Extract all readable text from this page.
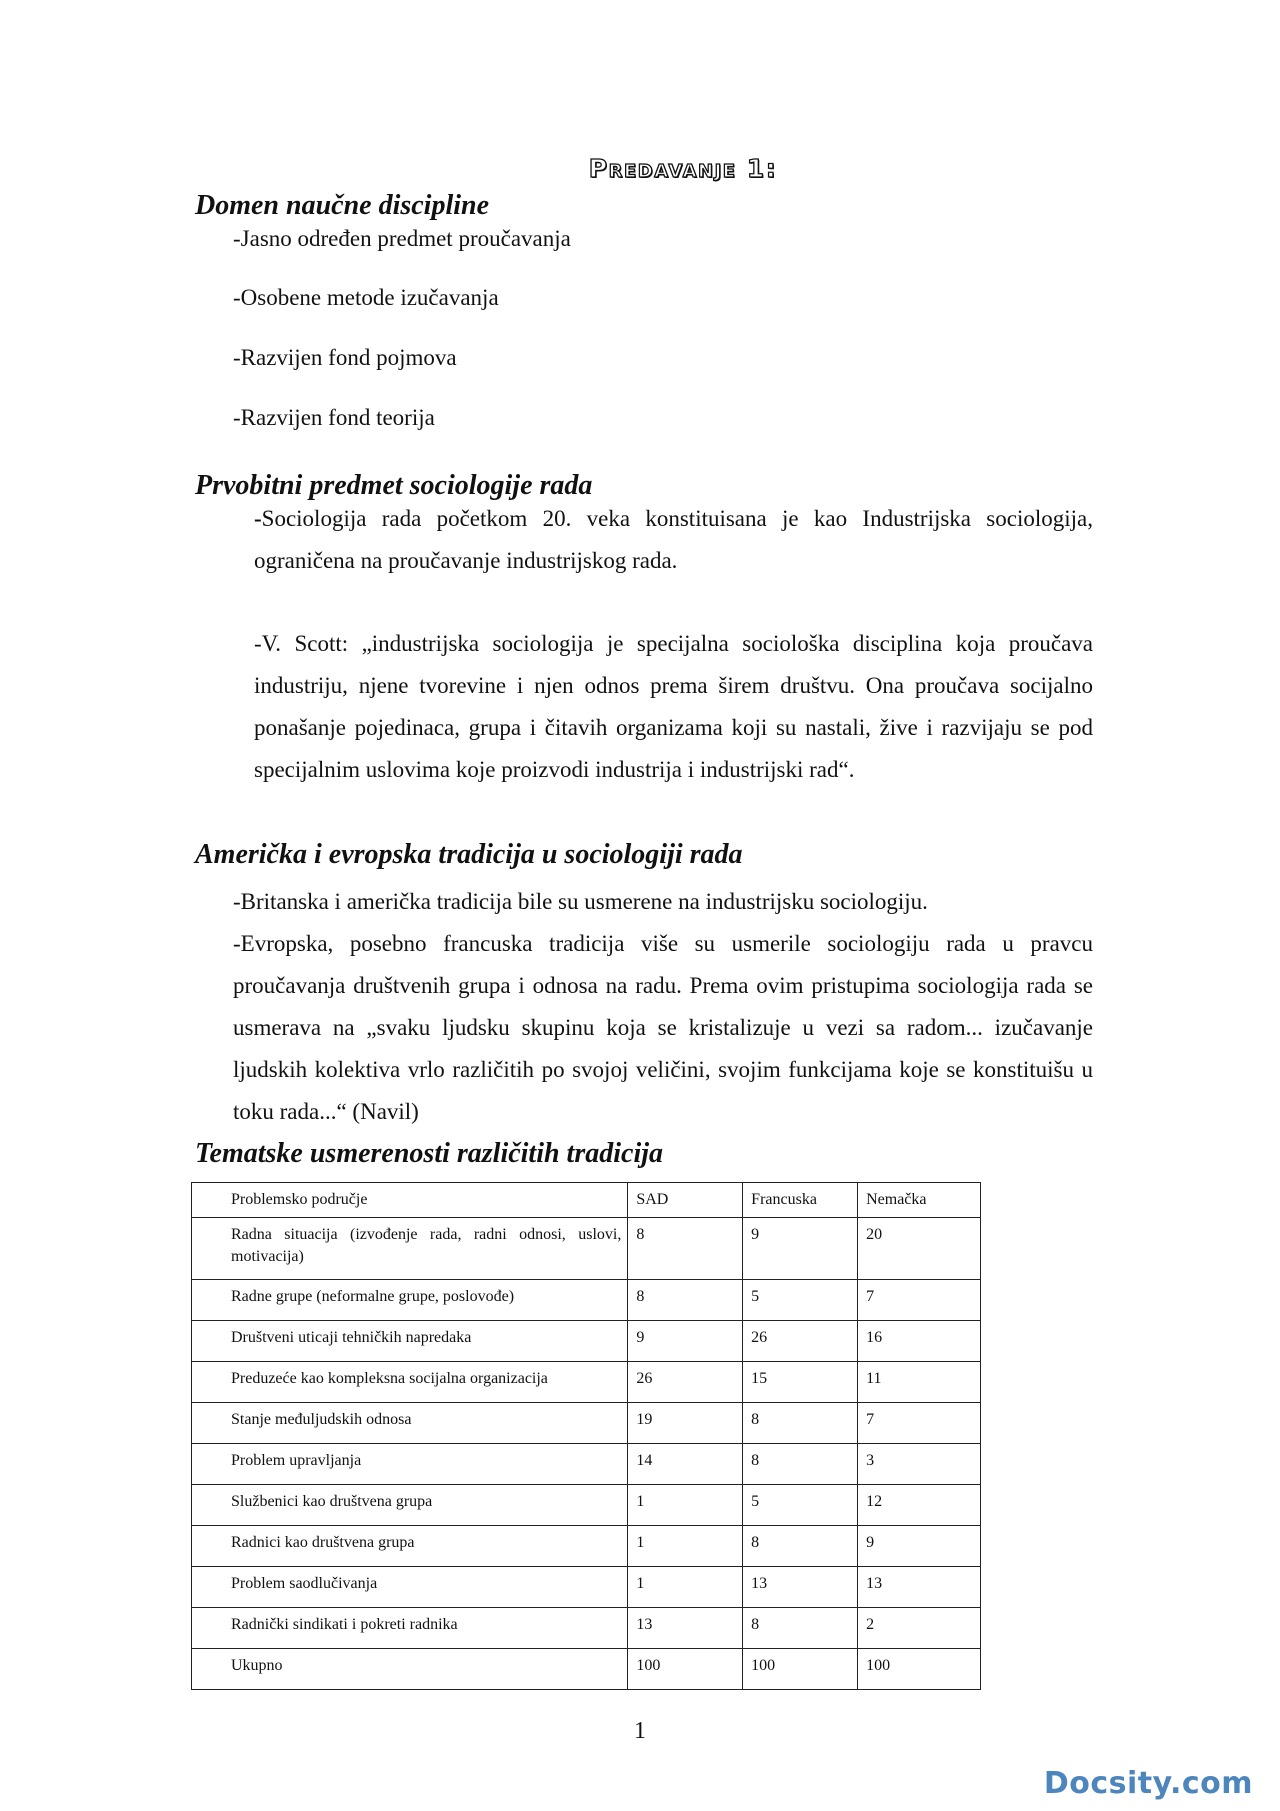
Predavanje 1:
Domen naučne discipline

-Jasno određen predmet proučavanja

-Osobene metode izučavanja

-Razvijen fond pojmova

-Razvijen fond teorija

Prvobitni predmet sociologije rada

-Sociologija rada početkom 20. veka konstituisana je kao Industrijska sociologija, ograničena na proučavanje industrijskog rada.

-V. Scott: „industrijska sociologija je specijalna sociološka disciplina koja proučava industriju, njene tvorevine i njen odnos prema širem društvu. Ona proučava socijalno ponašanje pojedinaca, grupa i čitavih organizama koji su nastali, žive i razvijaju se pod specijalnim uslovima koje proizvodi industrija i industrijski rad“.

Američka i evropska tradicija u sociologiji rada

-Britanska i američka tradicija bile su usmerene na industrijsku sociologiju.

-Evropska, posebno francuska tradicija više su usmerile sociologiju rada u pravcu proučavanja društvenih grupa i odnosa na radu. Prema ovim pristupima sociologija rada se usmerava na „svaku ljudsku skupinu koja se kristalizuje u vezi sa radom... izučavanje ljudskih kolektiva vrlo različitih po svojoj veličini, svojim funkcijama koje se konstituišu u toku rada...“ (Navil)

Tematske usmerenosti različitih tradicija
Problemsko područje	SAD	Francuska	Nemačka
Radna situacija (izvođenje rada, radni odnosi, uslovi, motivacija)	8	9	20
Radne grupe (neformalne grupe, poslovođe)	8	5	7
Društveni uticaji tehničkih napredaka	9	26	16
Preduzeće kao kompleksna socijalna organizacija	26	15	11
Stanje međuljudskih odnosa	19	8	7
Problem upravljanja	14	8	3
Službenici kao društvena grupa	1	5	12
Radnici kao društvena grupa	1	8	9
Problem saodlučivanja	1	13	13
Radnički sindikati i pokreti radnika	13	8	2
Ukupno	100	100	100
1
Docsity.com
